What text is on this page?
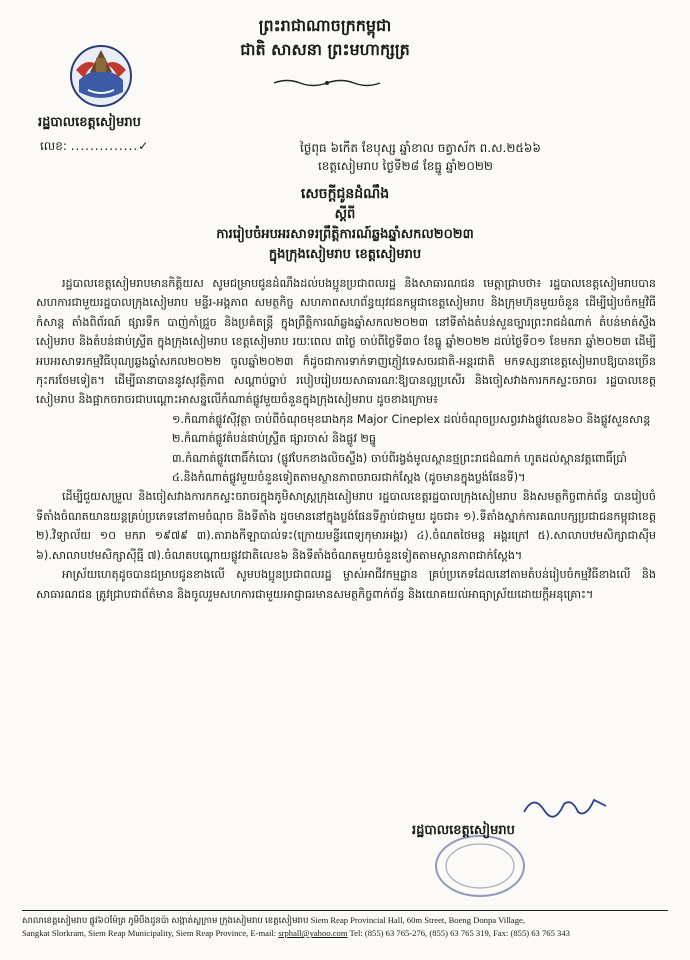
ព្រះរាជាណាចក្រកម្ពុជា
ជាតិ សាសនា ព្រះមហាក្សត្រ
រដ្ឋបាលខេត្តសៀមរាប
លេខ: ..............✓	ថ្ងៃពុធ ៦កើត ខែបុស្ស ឆ្នាំខាល ចត្វាស័ក ព.ស.២៥៦៦
ខេត្តសៀមរាប ថ្ងៃទី២៨ ខែធ្នូ ឆ្នាំ២០២២
សេចក្ដីជូនដំណឹង
ស្ដីពី
ការរៀបចំអបអរសាទរព្រឹត្តិការណ៍ឆ្លងឆ្នាំសកល២០២៣
ក្នុងក្រុងសៀមរាប ខេត្តសៀមរាប

រដ្ឋបាលខេត្តសៀមរាបមានកិត្តិយស សូមជម្រាបជូនដំណឹងដល់បងប្អូនប្រជាពលរដ្ឋ និងសាធារណជន មេត្តាជ្រាបថា៖ រដ្ឋបាលខេត្តសៀមរាបបានសហការជាមួយរដ្ឋបាលក្រុងសៀមរាប មន្ទីរ-អង្គភាព សមត្ថកិច្ច សហភាពសហព័ន្ធយុវជនកម្ពុជាខេត្តសៀមរាប និងក្រុមហ៊ុនមួយចំនួន ដើម្បីរៀបចំកម្មវិធីកំសាន្ត តាំងពិព័រណ៍ ផ្សារទឹក បាញ់កាំជ្រួច និងប្រគំតន្ត្រី ក្នុងព្រឹត្តិការណ៍ឆ្លងឆ្នាំសកល២០២៣ នៅទីតាំងតំបន់សួនច្បារព្រះរាជដំណាក់ តំបន់មាត់ស្ទឹងសៀមរាប និងតំបន់ផាប់ស្រ្ទីត ក្នុងក្រុងសៀមរាប ខេត្តសៀមរាប រយៈពេល ៣ថ្ងៃ ចាប់ពីថ្ងៃទី៣០ ខែធ្នូ ឆ្នាំ២០២២ ដល់ថ្ងៃទី០១ ខែមករា ឆ្នាំ២០២៣ ដើម្បីអបអរសាទរកម្មវិធីបុណ្យឆ្លងឆ្នាំសកល២០២២ ចូលឆ្នាំ២០២៣ ក៏ដូចជាការទាក់ទាញភ្ញៀវទេសចរជាតិ-អន្តរជាតិ មកទស្សនាខេត្តសៀមរាបឱ្យបានច្រើនកុះករថែមទៀត។ ដើម្បីធានាបាននូវសុវត្ថិភាព សណ្ដាប់ធ្នាប់ របៀបរៀបរយសាធារណៈឱ្យបានល្អប្រសើរ និងចៀសវាងការកកស្ទះចរាចរ រដ្ឋបាលខេត្តសៀមរាប និងផ្អាកចរាចរជាបណ្ដោះអាសន្នលើកំណាត់ផ្លូវមួយចំនួនក្នុងក្រុងសៀមរាប ដូចខាងក្រោម៖

១.កំណាត់ផ្លូវស៊ីវុត្ថា ចាប់ពីចំណុចមុខរោងកុន Major Cineplex ដល់ចំណុចប្រសព្វរវាងផ្លូវលេខ៦០ និងផ្លូវសួនសាន្ត
២.កំណាត់ផ្លូវតំបន់ផាប់ស្រ្ទីត ផ្សារចាស់ និងផ្លូវ ២ធ្នូ
៣.កំណាត់ផ្លូវពោធិ៍កំបោរ (ផ្លូវបែកខាងលិចស្ទឹង) ចាប់ពីរង្វង់មូលស្ពានថ្មព្រះរាជដំណាក់ ហូតដល់ស្ពានវត្តពោធិ៍ប្រាំ
៤.និងកំណាត់ផ្លូវមួយចំនួនទៀតតាមស្ថានភាពចរាចរជាក់ស្ដែង (ដូចមានក្នុងប្លង់ផែនទី)។

ដើម្បីជួយសម្រួល និងចៀសវាងការកកស្ទះចរាចរក្នុងភូមិសាស្ត្រក្រុងសៀមរាប រដ្ឋបាលខេត្តរដ្ឋបាលក្រុងសៀមរាប និងសមត្ថកិច្ចពាក់ព័ន្ធ បានរៀបចំទីតាំងចំណតយានយន្តគ្រប់ប្រភេទនៅតាមចំណុច និងទីតាំង ដូចមាននៅក្នុងប្លង់ផែនទីភ្ជាប់ជាមួយ ដូចជា៖ ១).ទីតាំងស្នាក់ការគណបក្សប្រជាជនកម្ពុជាខេត្ត ២).វិទ្យាល័យ ១០ មករា ១៩៧៩ ៣).តារាងកីឡាបាល់ទះ(ក្រោយមន្ទីរពេទ្យកុមារអង្គរ) ៤).ចំណតថៃមន្ត អង្គរក្រៅ ៥).សាលាបឋមសិក្សាជាស៊ីម ៦).សាលាបឋមសិក្សាស៊ីធ្មី ៧).ចំណតបណ្ដោយផ្លូវជាតិលេខ៦ និងទីតាំងចំណតមួយចំនួនទៀតតាមស្ថានភាពជាក់ស្ដែង។

អាស្រ័យហេតុដូចបានជម្រាបជូនខាងលើ សូមបងប្អូនប្រជាពលរដ្ឋ ម្ចាស់អាជីវកម្មដ្ឋាន គ្រប់ប្រភេទដែលនៅតាមតំបន់រៀបចំកម្មវិធីខាងលើ និងសាធារណជន ត្រូវជ្រាបជាព័ត៌មាន និងចូលរួមសហការជាមួយអាជ្ញាធរមានសមត្ថកិច្ចពាក់ព័ន្ធ និងយោគយល់អាធ្យាស្រ័យដោយក្ដីអនុគ្រោះ។

រដ្ឋបាលខេត្តសៀមរាប
សាលាខេត្តសៀមរាប ផ្លូវ៦០ម៉ែត្រ ភូមិបឹងដូនប៉ា សង្កាត់ស្លក្រាម ក្រុងសៀមរាប ខេត្តសៀមរាប Siem Reap Provincial Hall, 60m Street, Boeng Donpa Village,
Sangkat Slorkram, Siem Reap Municipality, Siem Reap Province, E-mail: srphall@yahoo.com Tel: (855) 63 765-276, (855) 63 765 319, Fax: (855) 63 765 343
